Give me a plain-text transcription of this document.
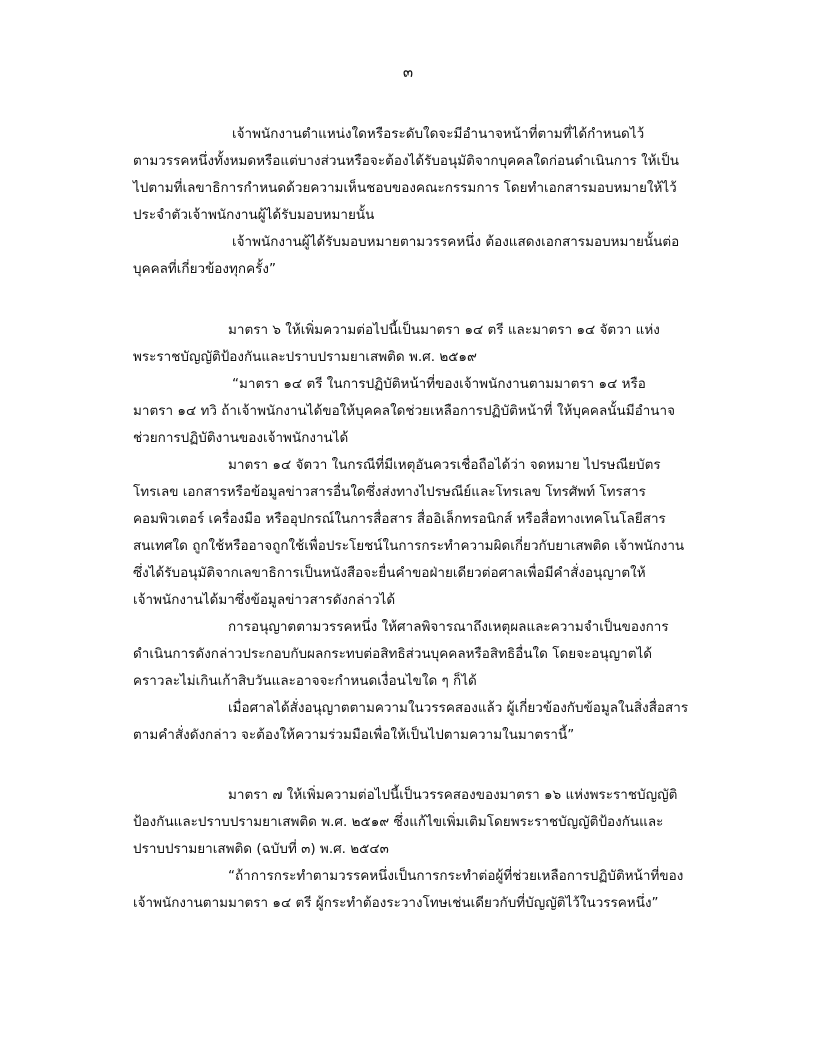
๓
เจ้าพนักงานตำแหน่งใดหรือระดับใดจะมีอำนาจหน้าที่ตามที่ได้กำหนดไว้
ตามวรรคหนึ่งทั้งหมดหรือแต่บางส่วนหรือจะต้องได้รับอนุมัติจากบุคคลใดก่อนดำเนินการ ให้เป็น
ไปตามที่เลขาธิการกำหนดด้วยความเห็นชอบของคณะกรรมการ โดยทำเอกสารมอบหมายให้ไว้
ประจำตัวเจ้าพนักงานผู้ได้รับมอบหมายนั้น
เจ้าพนักงานผู้ได้รับมอบหมายตามวรรคหนึ่ง ต้องแสดงเอกสารมอบหมายนั้นต่อ
บุคคลที่เกี่ยวข้องทุกครั้ง”
มาตรา ๖ ให้เพิ่มความต่อไปนี้เป็นมาตรา ๑๔ ตรี และมาตรา ๑๔ จัตวา แห่ง
พระราชบัญญัติป้องกันและปราบปรามยาเสพติด พ.ศ. ๒๕๑๙
“มาตรา ๑๔ ตรี ในการปฏิบัติหน้าที่ของเจ้าพนักงานตามมาตรา ๑๔ หรือ
มาตรา ๑๔ ทวิ ถ้าเจ้าพนักงานได้ขอให้บุคคลใดช่วยเหลือการปฏิบัติหน้าที่ ให้บุคคลนั้นมีอำนาจ
ช่วยการปฏิบัติงานของเจ้าพนักงานได้
มาตรา ๑๔ จัตวา ในกรณีที่มีเหตุอันควรเชื่อถือได้ว่า จดหมาย ไปรษณียบัตร
โทรเลข เอกสารหรือข้อมูลข่าวสารอื่นใดซึ่งส่งทางไปรษณีย์และโทรเลข โทรศัพท์ โทรสาร
คอมพิวเตอร์ เครื่องมือ หรืออุปกรณ์ในการสื่อสาร สื่ออิเล็กทรอนิกส์ หรือสื่อทางเทคโนโลยีสาร
สนเทศใด ถูกใช้หรืออาจถูกใช้เพื่อประโยชน์ในการกระทำความผิดเกี่ยวกับยาเสพติด เจ้าพนักงาน
ซึ่งได้รับอนุมัติจากเลขาธิการเป็นหนังสือจะยื่นคำขอฝ่ายเดียวต่อศาลเพื่อมีคำสั่งอนุญาตให้
เจ้าพนักงานได้มาซึ่งข้อมูลข่าวสารดังกล่าวได้
การอนุญาตตามวรรคหนึ่ง ให้ศาลพิจารณาถึงเหตุผลและความจำเป็นของการ
ดำเนินการดังกล่าวประกอบกับผลกระทบต่อสิทธิส่วนบุคคลหรือสิทธิอื่นใด โดยจะอนุญาตได้
คราวละไม่เกินเก้าสิบวันและอาจจะกำหนดเงื่อนไขใด ๆ ก็ได้
เมื่อศาลได้สั่งอนุญาตตามความในวรรคสองแล้ว ผู้เกี่ยวข้องกับข้อมูลในสิ่งสื่อสาร
ตามคำสั่งดังกล่าว จะต้องให้ความร่วมมือเพื่อให้เป็นไปตามความในมาตรานี้”
มาตรา ๗ ให้เพิ่มความต่อไปนี้เป็นวรรคสองของมาตรา ๑๖ แห่งพระราชบัญญัติ
ป้องกันและปราบปรามยาเสพติด พ.ศ. ๒๕๑๙ ซึ่งแก้ไขเพิ่มเติมโดยพระราชบัญญัติป้องกันและ
ปราบปรามยาเสพติด (ฉบับที่ ๓) พ.ศ. ๒๕๔๓
“ถ้าการกระทำตามวรรคหนึ่งเป็นการกระทำต่อผู้ที่ช่วยเหลือการปฏิบัติหน้าที่ของ
เจ้าพนักงานตามมาตรา ๑๔ ตรี ผู้กระทำต้องระวางโทษเช่นเดียวกับที่บัญญัติไว้ในวรรคหนึ่ง”
